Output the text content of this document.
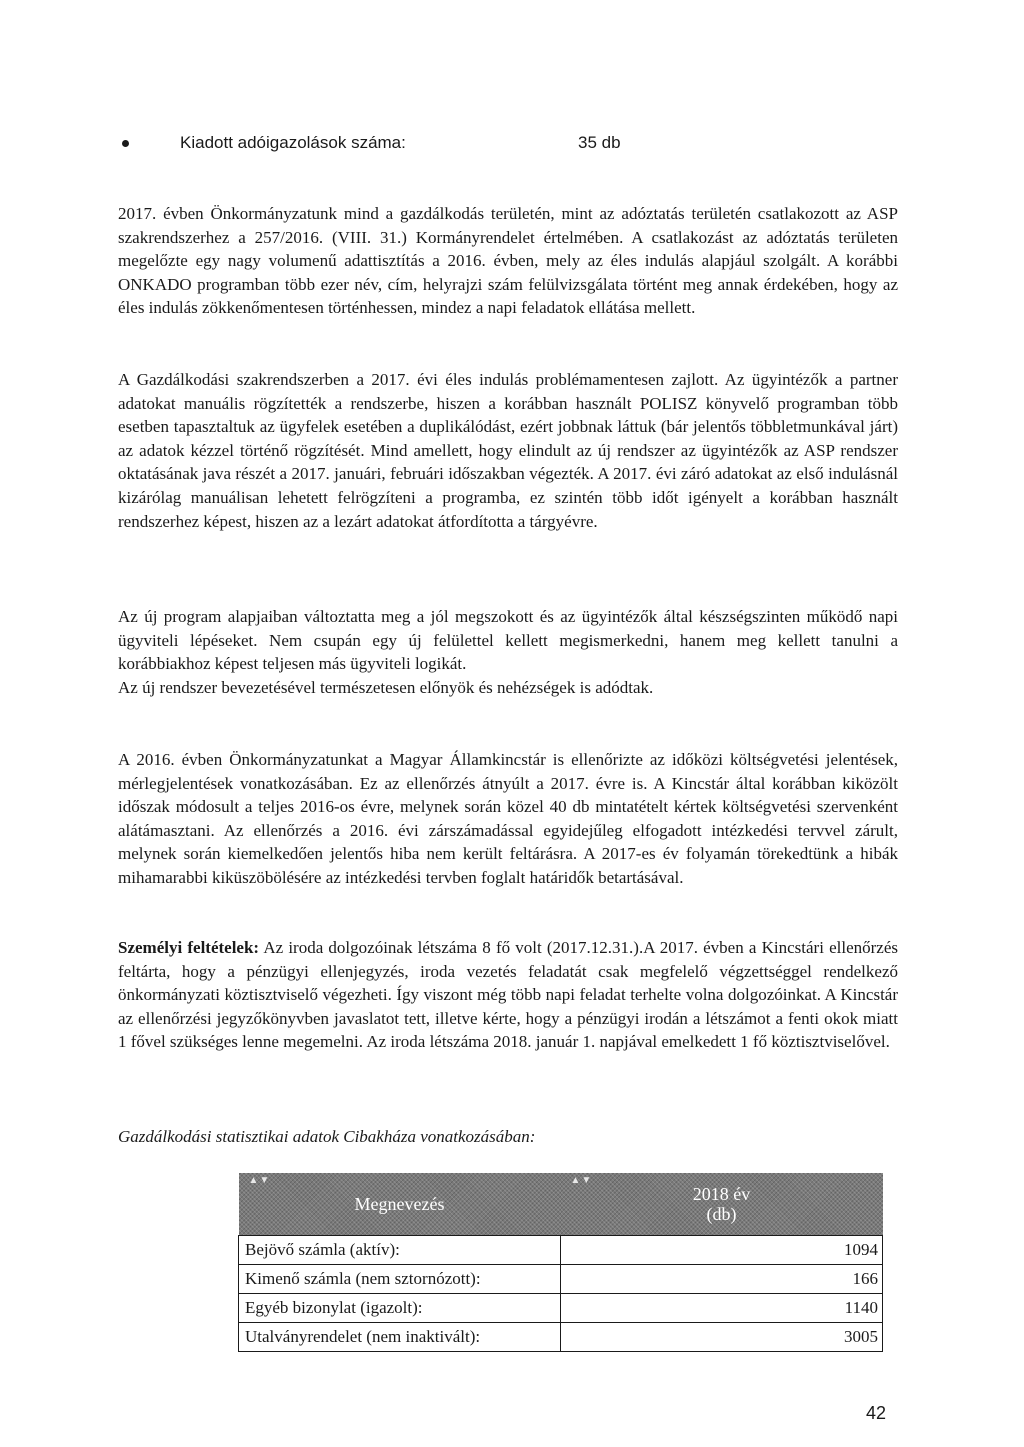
Kiadott adóigazolások száma:	35 db

2017. évben Önkormányzatunk mind a gazdálkodás területén, mint az adóztatás területén csatlakozott az ASP szakrendszerhez a 257/2016. (VIII. 31.) Kormányrendelet értelmében. A csatlakozást az adóztatás területen megelőzte egy nagy volumenű adattisztítás a 2016. évben, mely az éles indulás alapjául szolgált. A korábbi ONKADO programban több ezer név, cím, helyrajzi szám felülvizsgálata történt meg annak érdekében, hogy az éles indulás zökkenőmentesen történhessen, mindez a napi feladatok ellátása mellett.

A Gazdálkodási szakrendszerben a 2017. évi éles indulás problémamentesen zajlott. Az ügyintézők a partner adatokat manuális rögzítették a rendszerbe, hiszen a korábban használt POLISZ könyvelő programban több esetben tapasztaltuk az ügyfelek esetében a duplikálódást, ezért jobbnak láttuk (bár jelentős többletmunkával járt) az adatok kézzel történő rögzítését. Mind amellett, hogy elindult az új rendszer az ügyintézők az ASP rendszer oktatásának java részét a 2017. januári, februári időszakban végezték. A 2017. évi záró adatokat az első indulásnál kizárólag manuálisan lehetett felrögzíteni a programba, ez szintén több időt igényelt a korábban használt rendszerhez képest, hiszen az a lezárt adatokat átfordította a tárgyévre.

Az új program alapjaiban változtatta meg a jól megszokott és az ügyintézők által készségszinten működő napi ügyviteli lépéseket. Nem csupán egy új felülettel kellett megismerkedni, hanem meg kellett tanulni a korábbiakhoz képest teljesen más ügyviteli logikát.
Az új rendszer bevezetésével természetesen előnyök és nehézségek is adódtak.

A 2016. évben Önkormányzatunkat a Magyar Államkincstár is ellenőrizte az időközi költségvetési jelentések, mérlegjelentések vonatkozásában. Ez az ellenőrzés átnyúlt a 2017. évre is. A Kincstár által korábban kiközölt időszak módosult a teljes 2016-os évre, melynek során közel 40 db mintatételt kértek költségvetési szervenként alátámasztani. Az ellenőrzés a 2016. évi zárszámadással egyidejűleg elfogadott intézkedési tervvel zárult, melynek során kiemelkedően jelentős hiba nem került feltárásra. A 2017-es év folyamán törekedtünk a hibák mihamarabbi kiküszöbölésére az intézkedési tervben foglalt határidők betartásával.

Személyi feltételek: Az iroda dolgozóinak létszáma 8 fő volt (2017.12.31.).A 2017. évben a Kincstári ellenőrzés feltárta, hogy a pénzügyi ellenjegyzés, iroda vezetés feladatát csak megfelelő végzettséggel rendelkező önkormányzati köztisztviselő végezheti. Így viszont még több napi feladat terhelte volna dolgozóinkat. A Kincstár az ellenőrzési jegyzőkönyvben javaslatot tett, illetve kérte, hogy a pénzügyi irodán a létszámot a fenti okok miatt 1 fővel szükséges lenne megemelni. Az iroda létszáma 2018. január 1. napjával emelkedett 1 fő köztisztviselővel.

Gazdálkodási statisztikai adatok Cibakháza vonatkozásában:
▲▼
Megnevezés	▲▼
2018 év
(db)
Bejövő számla (aktív):	1094
Kimenő számla (nem sztornózott):	166
Egyéb bizonylat (igazolt):	1140
Utalványrendelet (nem inaktivált):	3005
42
